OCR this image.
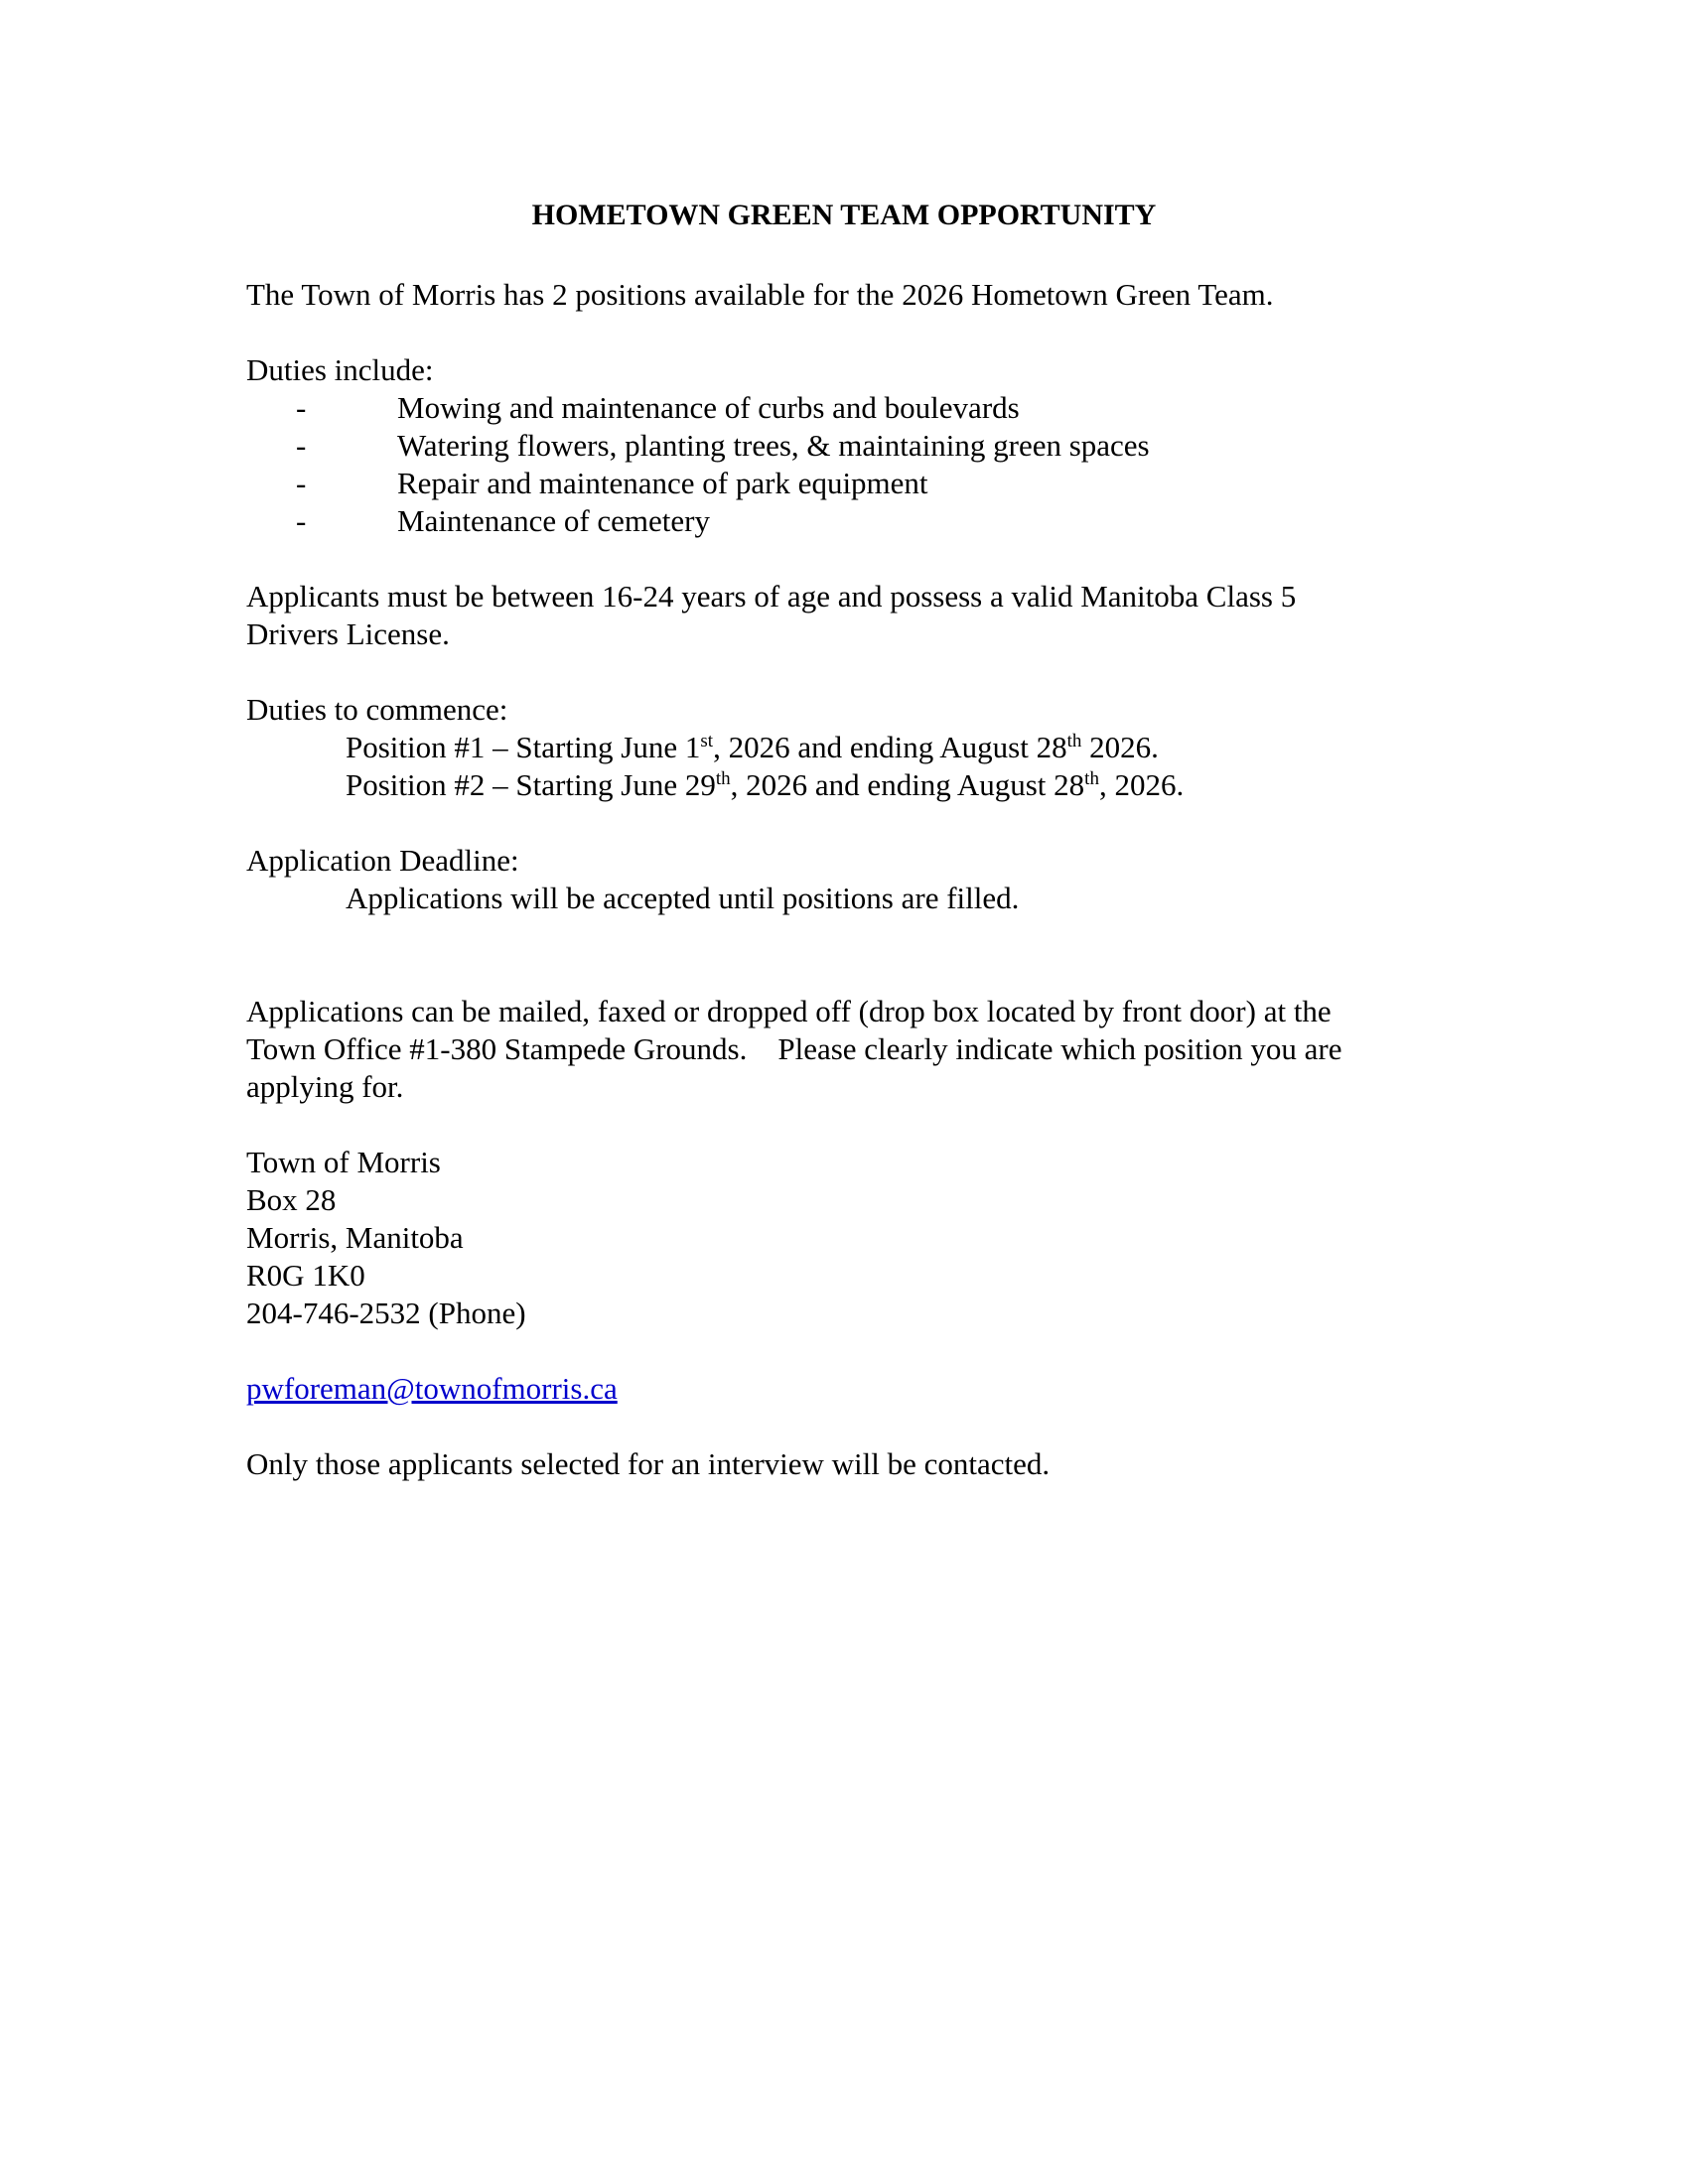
HOMETOWN GREEN TEAM OPPORTUNITY
The Town of Morris has 2 positions available for the 2026 Hometown Green Team.
Duties include:
-	Mowing and maintenance of curbs and boulevards
-	Watering flowers, planting trees, & maintaining green spaces
-	Repair and maintenance of park equipment
-	Maintenance of cemetery
Applicants must be between 16-24 years of age and possess a valid Manitoba Class 5
Drivers License.
Duties to commence:
Position #1 – Starting June 1st, 2026 and ending August 28th 2026.
Position #2 – Starting June 29th, 2026 and ending August 28th, 2026.
Application Deadline:
Applications will be accepted until positions are filled.
Applications can be mailed, faxed or dropped off (drop box located by front door) at the
Town Office #1-380 Stampede Grounds.    Please clearly indicate which position you are
applying for.
Town of Morris
Box 28
Morris, Manitoba
R0G 1K0
204-746-2532 (Phone)
pwforeman@townofmorris.ca
Only those applicants selected for an interview will be contacted.
